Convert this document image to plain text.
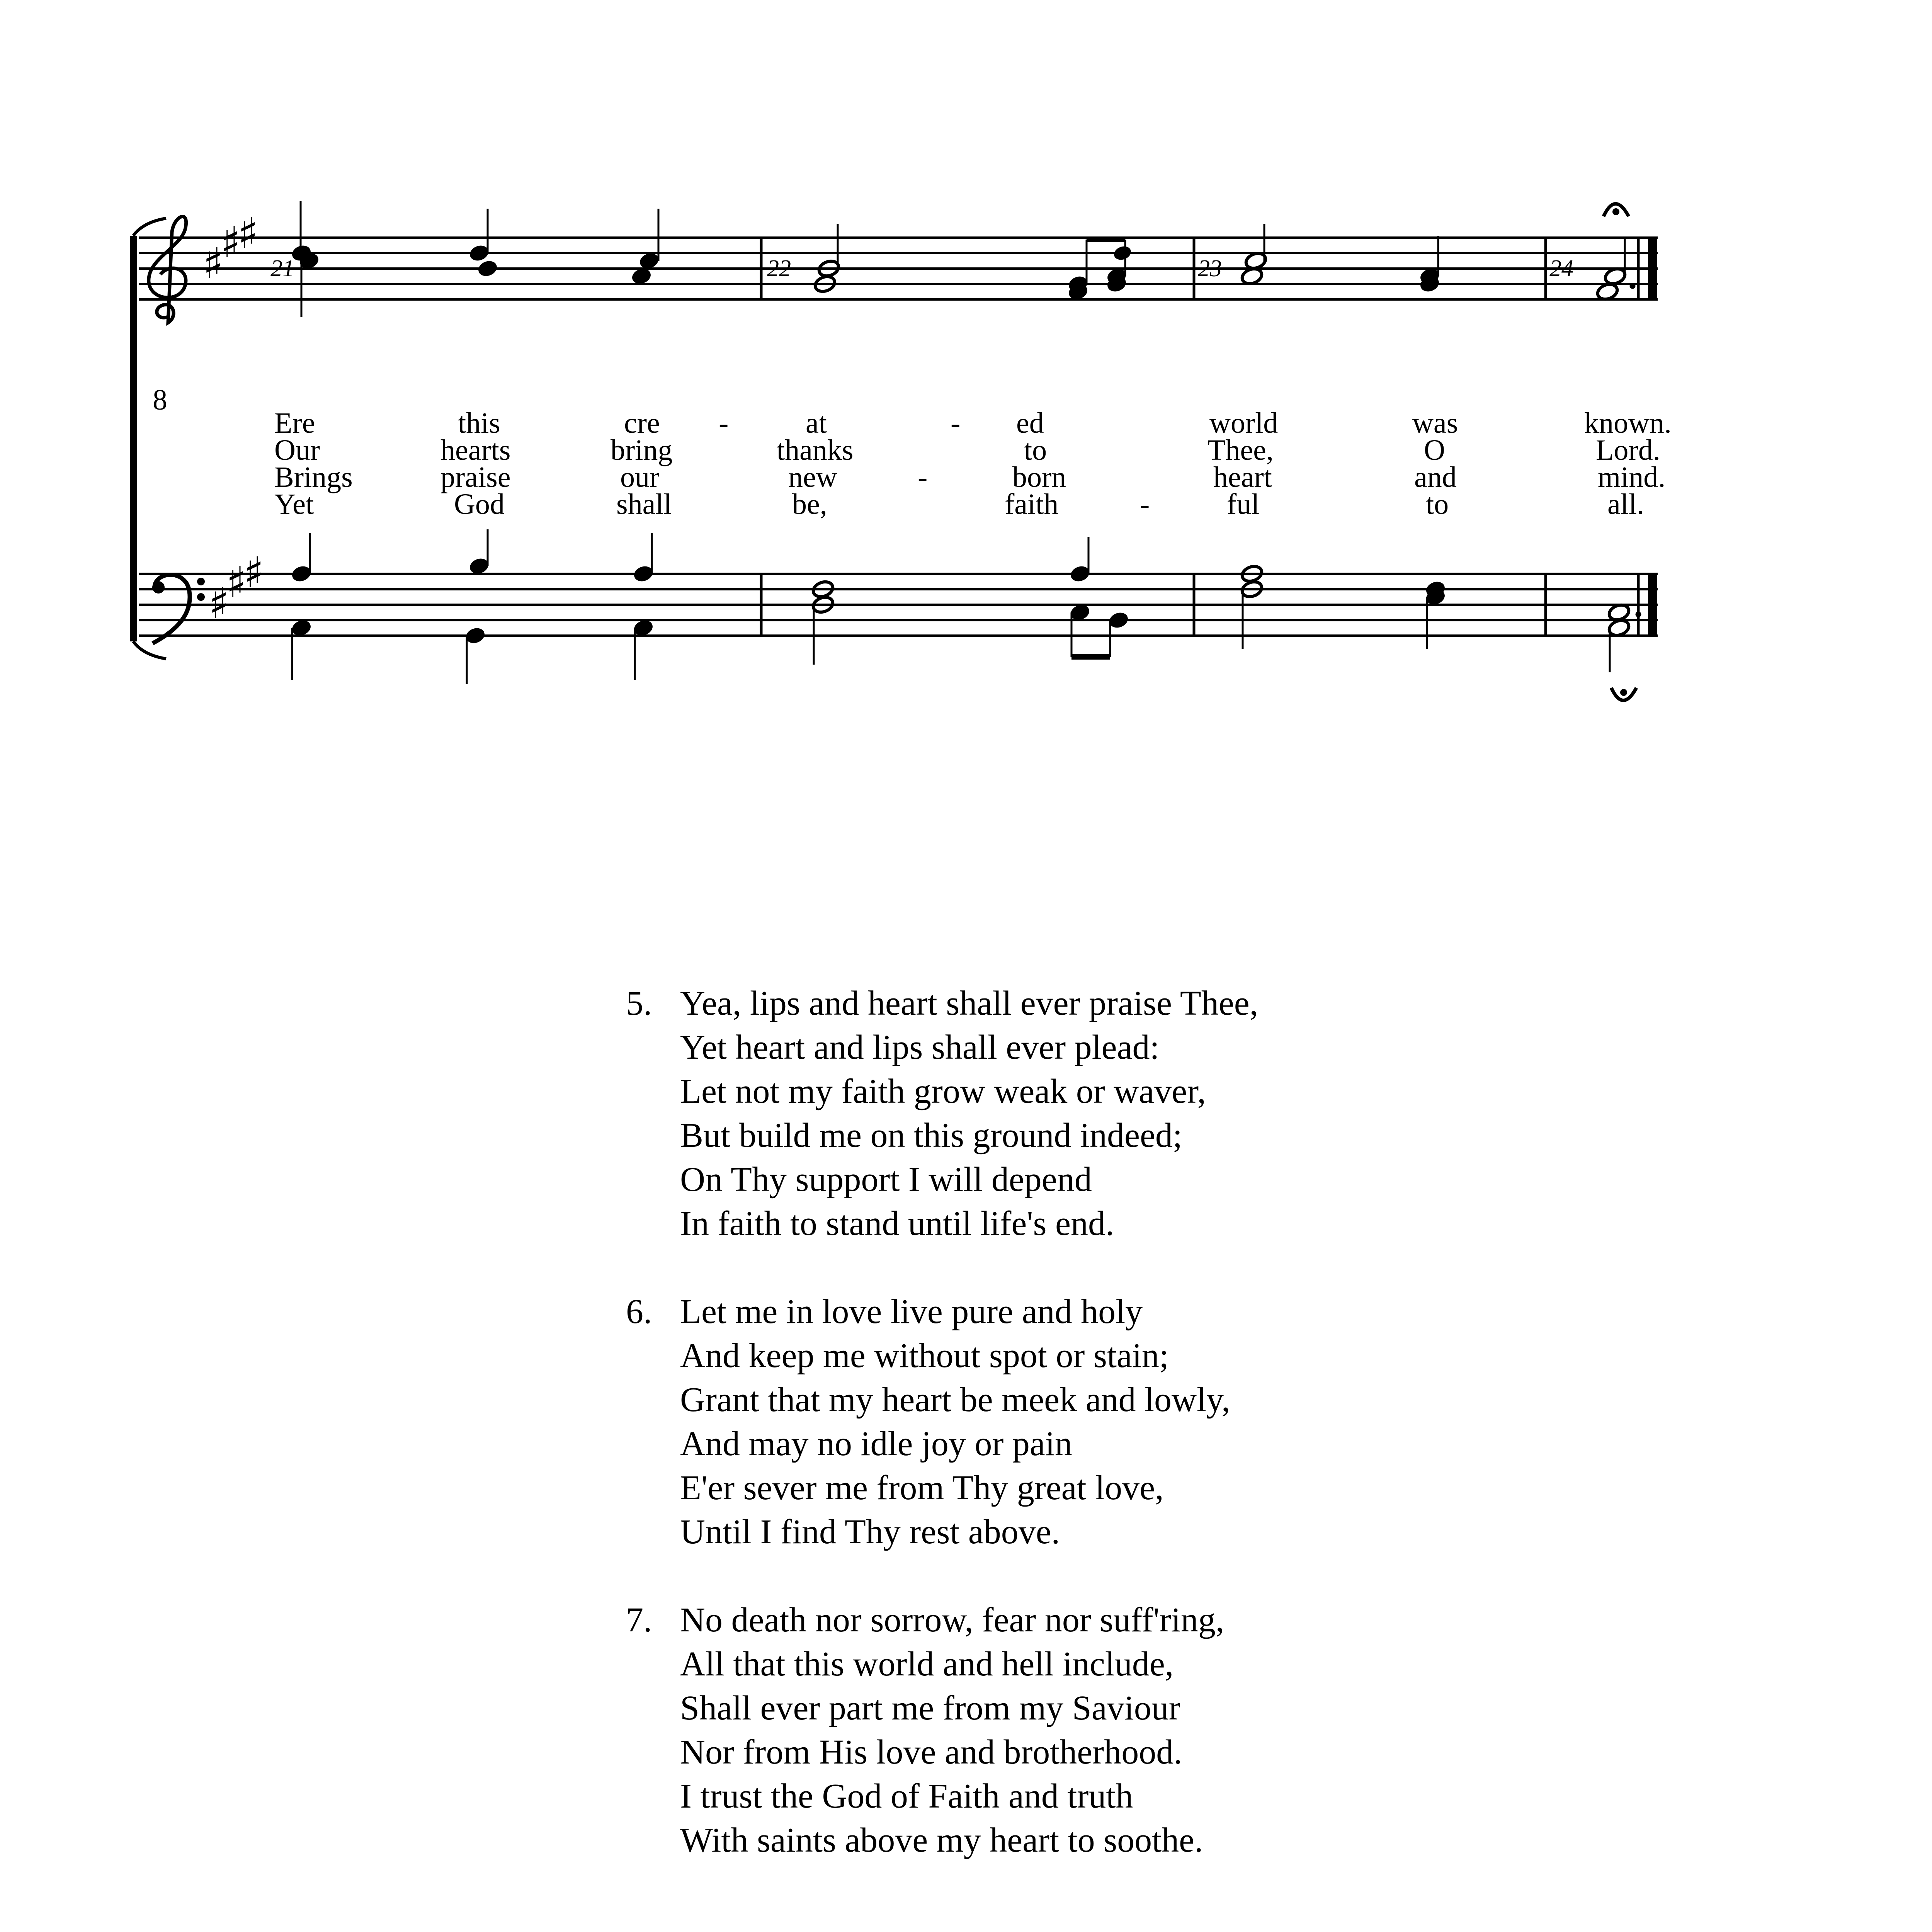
8
♯
♯
♯
♯
♯
♯
21	22	23	24
Ere	this	cre -	at	- ed	world	was	known.
Our	hearts	bring	thanks	to	Thee,	O	Lord.
Brings	praise	our	new	-	born	heart	and	mind.
Yet	God	shall	be,	faith	-	ful	to	all.
5. Yea, lips and heart shall ever praise Thee,
Yet heart and lips shall ever plead:
Let not my faith grow weak or waver,
But build me on this ground indeed;
On Thy support I will depend
In faith to stand until life's end.
6. Let me in love live pure and holy
And keep me without spot or stain;
Grant that my heart be meek and lowly,
And may no idle joy or pain
E'er sever me from Thy great love,
Until I find Thy rest above.
7. No death nor sorrow, fear nor suff'ring,
All that this world and hell include,
Shall ever part me from my Saviour
Nor from His love and brotherhood.
I trust the God of Faith and truth
With saints above my heart to soothe.
